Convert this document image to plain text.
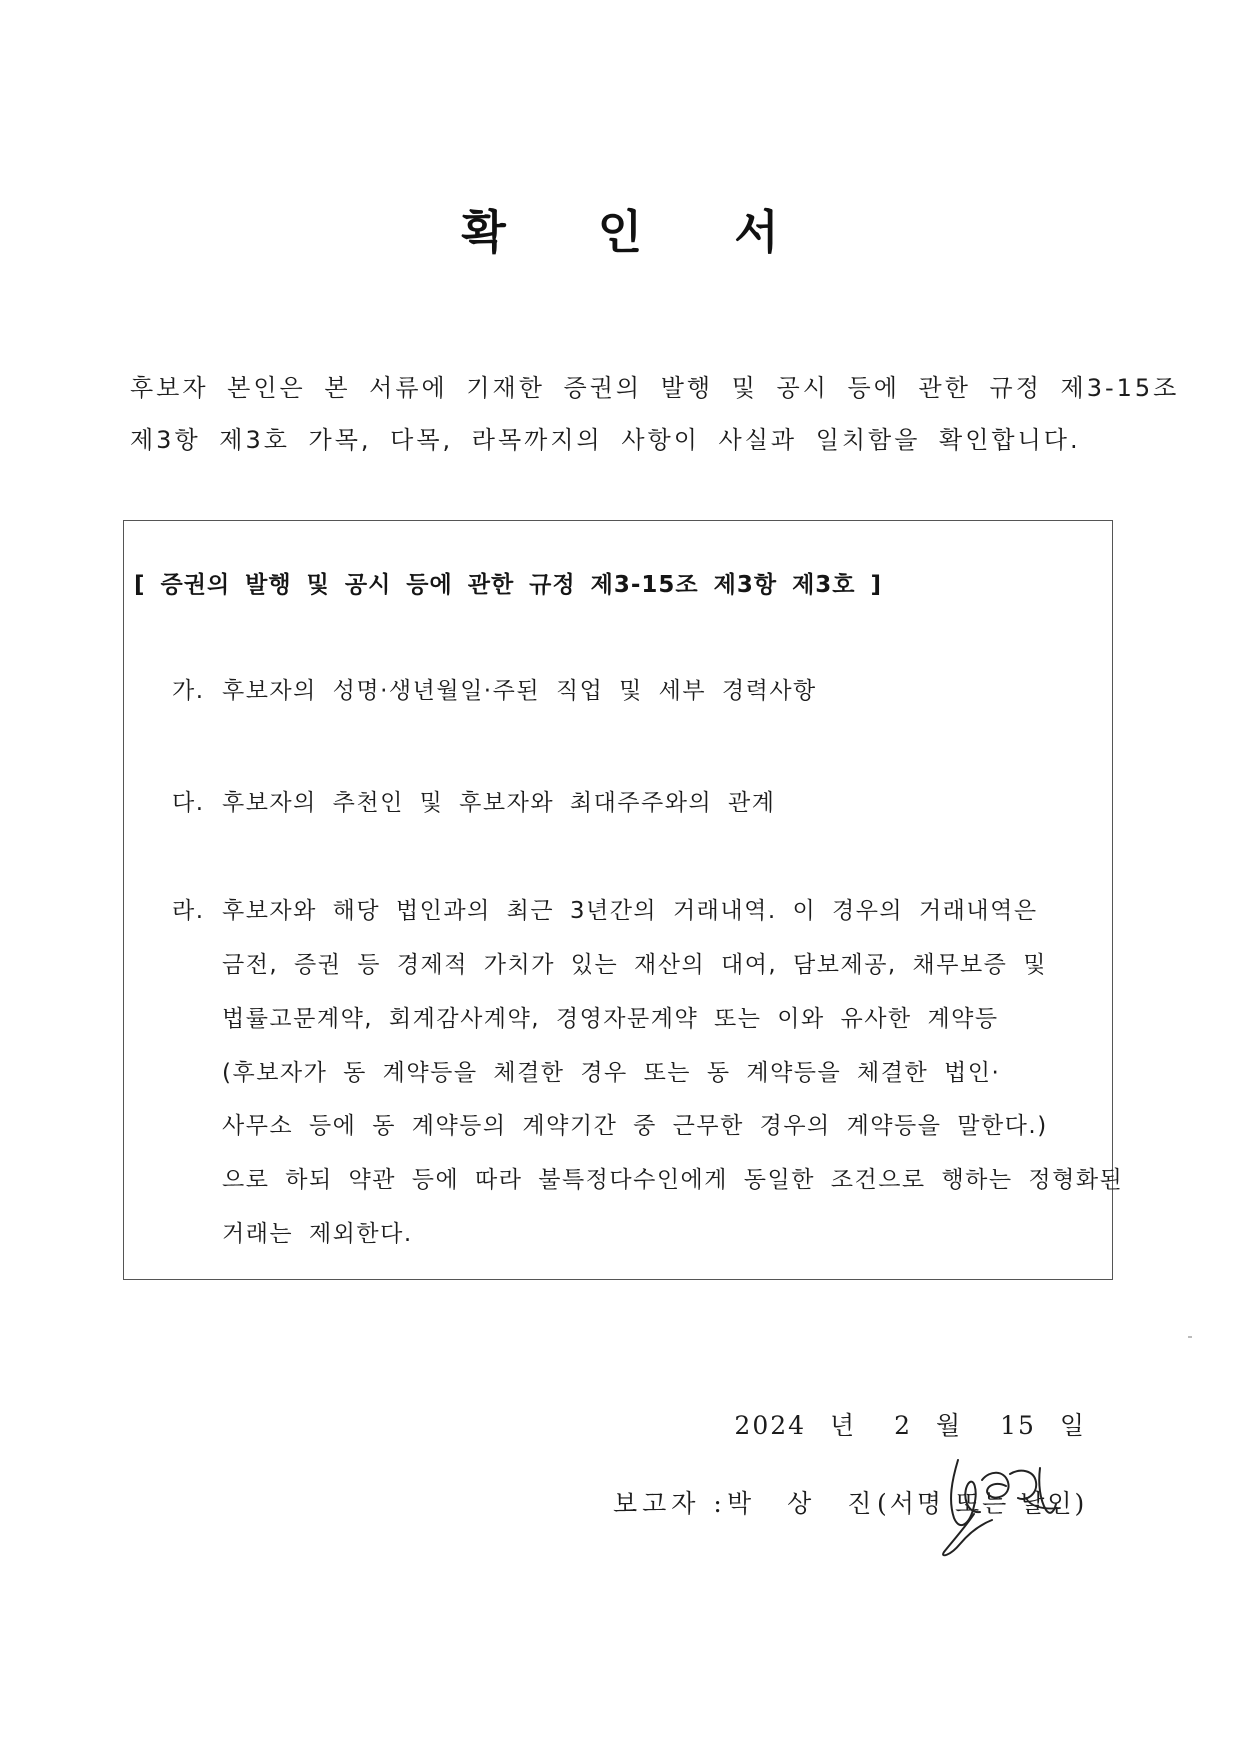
확 인 서
후보자 본인은 본 서류에 기재한 증권의 발행 및 공시 등에 관한 규정 제3-15조
제3항 제3호 가목, 다목, 라목까지의 사항이 사실과 일치함을 확인합니다.
[ 증권의 발행 및 공시 등에 관한 규정 제3-15조 제3항 제3호 ]
가. 후보자의 성명·생년월일·주된 직업 및 세부 경력사항
다. 후보자의 추천인 및 후보자와 최대주주와의 관계
라. 후보자와 해당 법인과의 최근 3년간의 거래내역. 이 경우의 거래내역은
금전, 증권 등 경제적 가치가 있는 재산의 대여, 담보제공, 채무보증 및
법률고문계약, 회계감사계약, 경영자문계약 또는 이와 유사한 계약등
(후보자가 동 계약등을 체결한 경우 또는 동 계약등을 체결한 법인·
사무소 등에 동 계약등의 계약기간 중 근무한 경우의 계약등을 말한다.)
으로 하되 약관 등에 따라 불특정다수인에게 동일한 조건으로 행하는 정형화된
거래는 제외한다.
2024 년 2 월 15 일
보고자 : 박 상 진
(서명 또는 날인)
